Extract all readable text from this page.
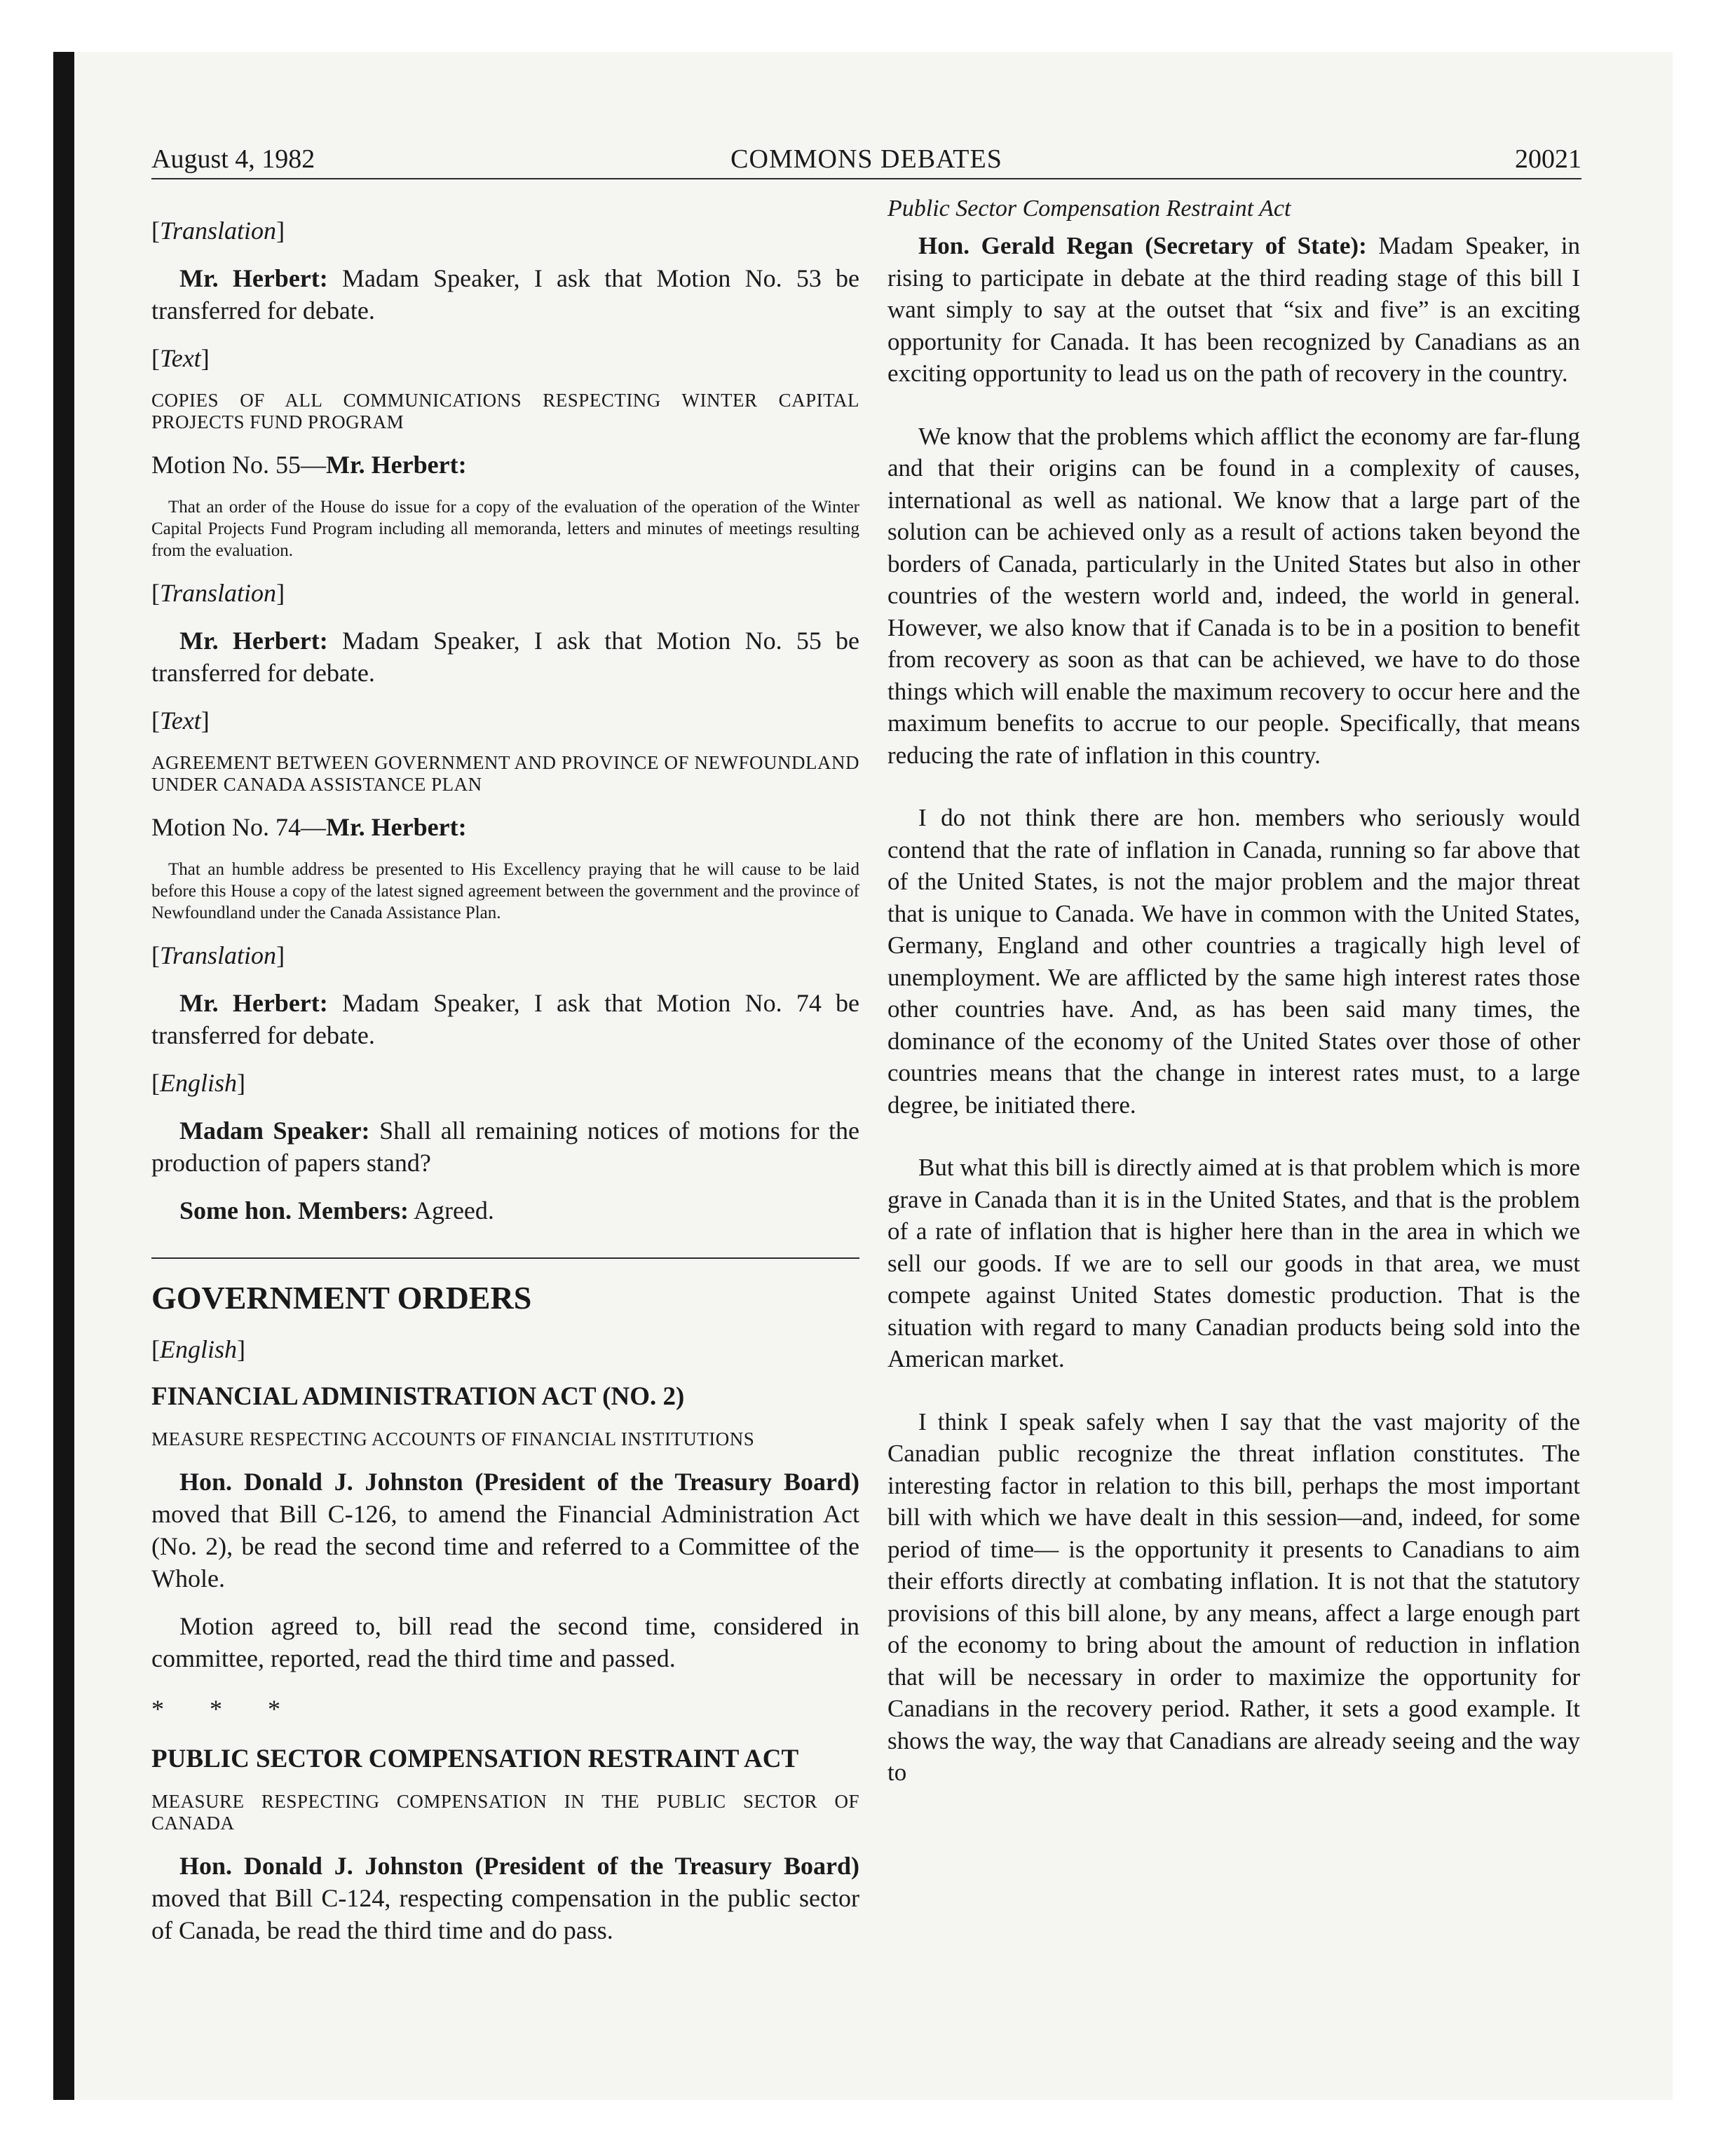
August 4, 1982	COMMONS DEBATES	20021

[Translation]

Mr. Herbert: Madam Speaker, I ask that Motion No. 53 be transferred for debate.

[Text]

COPIES OF ALL COMMUNICATIONS RESPECTING WINTER CAPITAL PROJECTS FUND PROGRAM

Motion No. 55—Mr. Herbert:

That an order of the House do issue for a copy of the evaluation of the operation of the Winter Capital Projects Fund Program including all memoranda, letters and minutes of meetings resulting from the evaluation.

[Translation]

Mr. Herbert: Madam Speaker, I ask that Motion No. 55 be transferred for debate.

[Text]

AGREEMENT BETWEEN GOVERNMENT AND PROVINCE OF NEWFOUNDLAND UNDER CANADA ASSISTANCE PLAN

Motion No. 74—Mr. Herbert:

That an humble address be presented to His Excellency praying that he will cause to be laid before this House a copy of the latest signed agreement between the government and the province of Newfoundland under the Canada Assistance Plan.

[Translation]

Mr. Herbert: Madam Speaker, I ask that Motion No. 74 be transferred for debate.

[English]

Madam Speaker: Shall all remaining notices of motions for the production of papers stand?

Some hon. Members: Agreed.

GOVERNMENT ORDERS

[English]

FINANCIAL ADMINISTRATION ACT (NO. 2)

MEASURE RESPECTING ACCOUNTS OF FINANCIAL INSTITUTIONS

Hon. Donald J. Johnston (President of the Treasury Board) moved that Bill C-126, to amend the Financial Administration Act (No. 2), be read the second time and referred to a Committee of the Whole.

Motion agreed to, bill read the second time, considered in committee, reported, read the third time and passed.

* * *

PUBLIC SECTOR COMPENSATION RESTRAINT ACT

MEASURE RESPECTING COMPENSATION IN THE PUBLIC SECTOR OF CANADA

Hon. Donald J. Johnston (President of the Treasury Board) moved that Bill C-124, respecting compensation in the public sector of Canada, be read the third time and do pass.

Public Sector Compensation Restraint Act

Hon. Gerald Regan (Secretary of State): Madam Speaker, in rising to participate in debate at the third reading stage of this bill I want simply to say at the outset that “six and five” is an exciting opportunity for Canada. It has been recognized by Canadians as an exciting opportunity to lead us on the path of recovery in the country.

We know that the problems which afflict the economy are far-flung and that their origins can be found in a complexity of causes, international as well as national. We know that a large part of the solution can be achieved only as a result of actions taken beyond the borders of Canada, particularly in the United States but also in other countries of the western world and, indeed, the world in general. However, we also know that if Canada is to be in a position to benefit from recovery as soon as that can be achieved, we have to do those things which will enable the maximum recovery to occur here and the maximum benefits to accrue to our people. Specifically, that means reducing the rate of inflation in this country.

I do not think there are hon. members who seriously would contend that the rate of inflation in Canada, running so far above that of the United States, is not the major problem and the major threat that is unique to Canada. We have in common with the United States, Germany, England and other countries a tragically high level of unemployment. We are afflicted by the same high interest rates those other countries have. And, as has been said many times, the dominance of the economy of the United States over those of other countries means that the change in interest rates must, to a large degree, be initiated there.

But what this bill is directly aimed at is that problem which is more grave in Canada than it is in the United States, and that is the problem of a rate of inflation that is higher here than in the area in which we sell our goods. If we are to sell our goods in that area, we must compete against United States domestic production. That is the situation with regard to many Canadian products being sold into the American market.

I think I speak safely when I say that the vast majority of the Canadian public recognize the threat inflation constitutes. The interesting factor in relation to this bill, perhaps the most important bill with which we have dealt in this session—and, indeed, for some period of time— is the opportunity it presents to Canadians to aim their efforts directly at combating inflation. It is not that the statutory provisions of this bill alone, by any means, affect a large enough part of the economy to bring about the amount of reduction in inflation that will be necessary in order to maximize the opportunity for Canadians in the recovery period. Rather, it sets a good example. It shows the way, the way that Canadians are already seeing and the way to
